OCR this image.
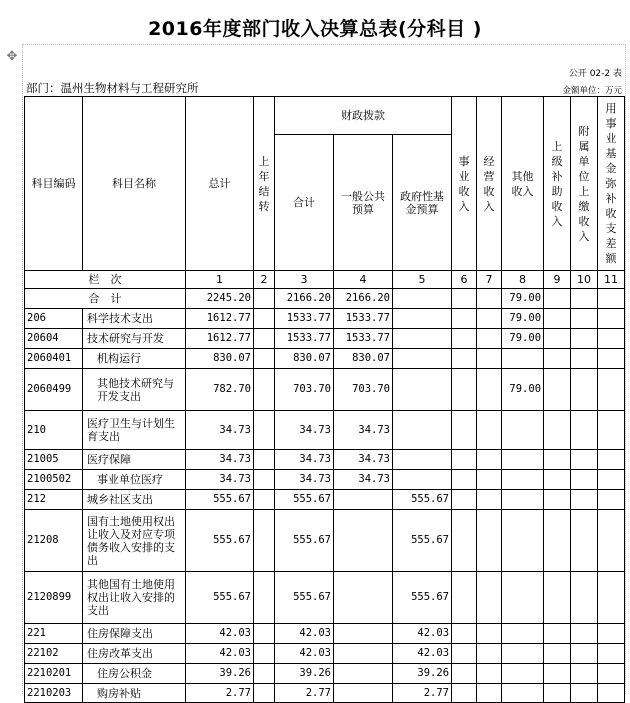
2016年度部门收入决算总表(分科目 )
✥
公开 02-2 表
部门：温州生物材料与工程研究所	金额单位：万元
科目编码	科目名称	总计	上年结转	财政拨款			事业收入	经营收入	其他收入	上级补助收入	附属单位上缴收入	用事业基金弥补收支差额

				合计	一般公共预算	政府性基金预算						
栏　次		1	2	3	4	5	6	7	8	9	10	11
合　计		2245.20		2166.20	2166.20				79.00			
206	科学技术支出	1612.77		1533.77	1533.77				79.00			
20604	技术研究与开发	1612.77		1533.77	1533.77				79.00			
2060401	机构运行	830.07		830.07	830.07							
2060499	其他技术研究与开发支出	782.70		703.70	703.70				79.00			
210	医疗卫生与计划生育支出	34.73		34.73	34.73							
21005	医疗保障	34.73		34.73	34.73							
2100502	事业单位医疗	34.73		34.73	34.73							
212	城乡社区支出	555.67		555.67		555.67						
21208	国有土地使用权出让收入及对应专项债务收入安排的支出	555.67		555.67		555.67						
2120899	其他国有土地使用权出让收入安排的支出	555.67		555.67		555.67						
221	住房保障支出	42.03		42.03		42.03						
22102	住房改革支出	42.03		42.03		42.03						
2210201	住房公积金	39.26		39.26		39.26						
2210203	购房补贴	2.77		2.77		2.77						
